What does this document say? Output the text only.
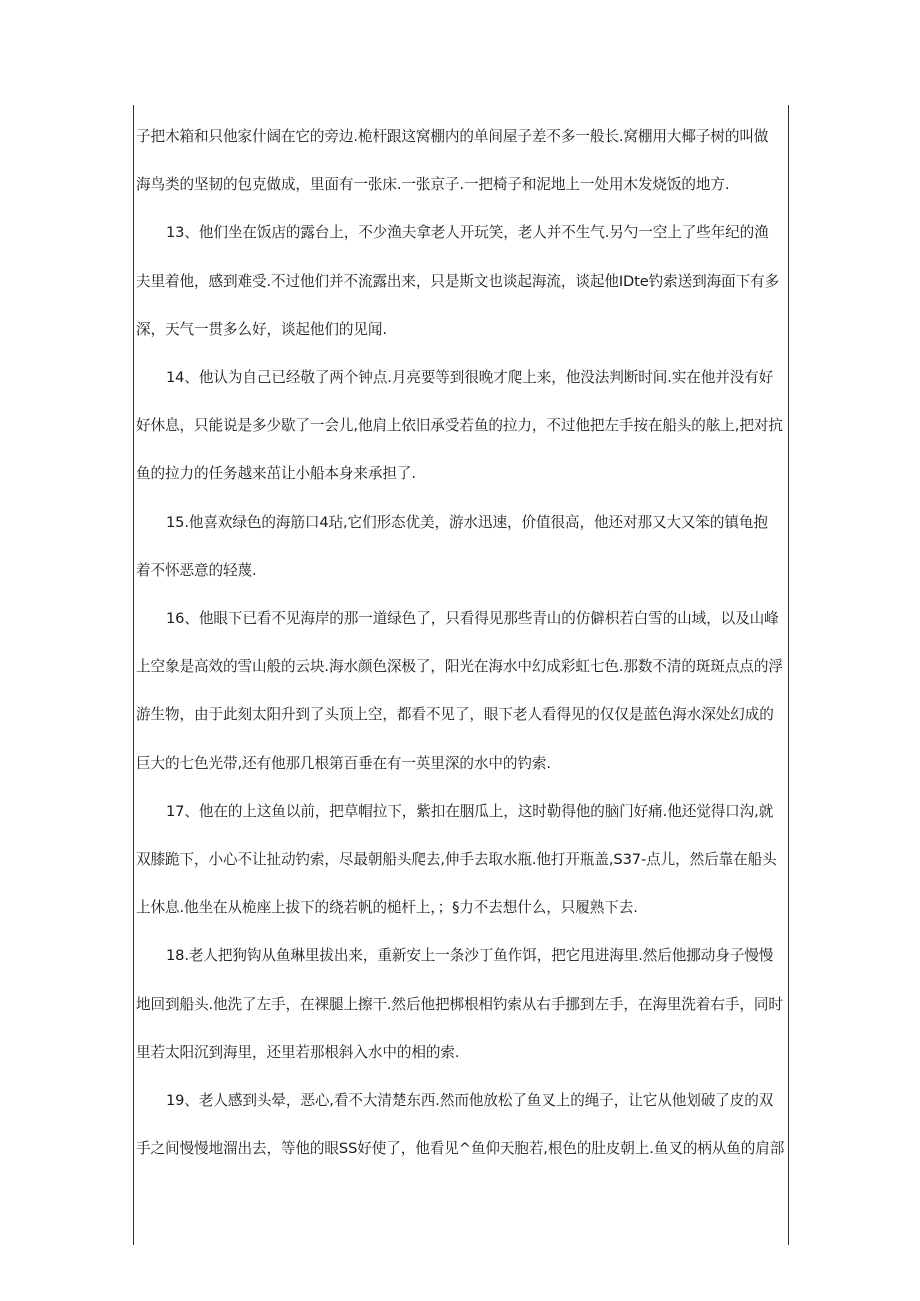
子把木箱和只他家什阔在它的旁边.桅杆跟这窝棚内的单间屋子差不多一般长.窝棚用大椰子树的叫做
海鸟类的坚韧的包克做成，里面有一张床.一张京子.一把椅子和泥地上一处用木发烧饭的地方.

13、他们坐在饭店的露台上，不少渔夫拿老人开玩笑，老人并不生气.另勺一空上了些年纪的渔
夫里着他，感到难受.不过他们并不流露出来，只是斯文也谈起海流，谈起他IDte钓索送到海面下有多
深，天气一贯多么好，谈起他们的见闻.

14、他认为自己已经敬了两个钟点.月亮要等到很晚才爬上来，他没法判断时间.实在他并没有好
好休息，只能说是多少歇了一会儿,他肩上依旧承受若鱼的拉力，不过他把左手按在船头的舷上,把对抗
鱼的拉力的任务越来茁让小船本身来承担了.

15.他喜欢绿色的海筋口4玷,它们形态优美，游水迅速，价值很高，他还对那又大又笨的镇龟抱
着不怀恶意的轻蔑.

16、他眼下已看不见海岸的那一道绿色了，只看得见那些青山的仿僻枳若白雪的山域，以及山峰
上空象是高效的雪山般的云块.海水颜色深极了，阳光在海水中幻成彩虹七色.那数不清的斑斑点点的浮
游生物，由于此刻太阳升到了头顶上空，都看不见了，眼下老人看得见的仅仅是蓝色海水深处幻成的
巨大的七色光带,还有他那几根第百垂在有一英里深的水中的钓索.

17、他在的上这鱼以前，把草帽拉下，紫扣在胭瓜上，这时勒得他的脑门好痛.他还觉得口沟,就
双膝跪下，小心不让扯动钓索，尽最朝船头爬去,伸手去取水瓶.他打开瓶盖,S37-点儿，然后靠在船头
上休息.他坐在从桅座上拔下的绕若帆的槌杆上，；§力不去想什么，只履熟下去.

18.老人把狗钩从鱼琳里拔出来，重新安上一条沙丁鱼作饵，把它甩进海里.然后他挪动身子慢慢
地回到船头.他洗了左手，在裸腿上擦干.然后他把梆根相钓索从右手挪到左手，在海里洗着右手，同时
里若太阳沉到海里，还里若那根斜入水中的相的索.

19、老人感到头晕，恶心,看不大清楚东西.然而他放松了鱼叉上的绳子，让它从他划破了皮的双
手之间慢慢地溜出去，等他的眼SS好使了，他看见^鱼仰天胞若,根色的肚皮朝上.鱼叉的柄从鱼的肩部
